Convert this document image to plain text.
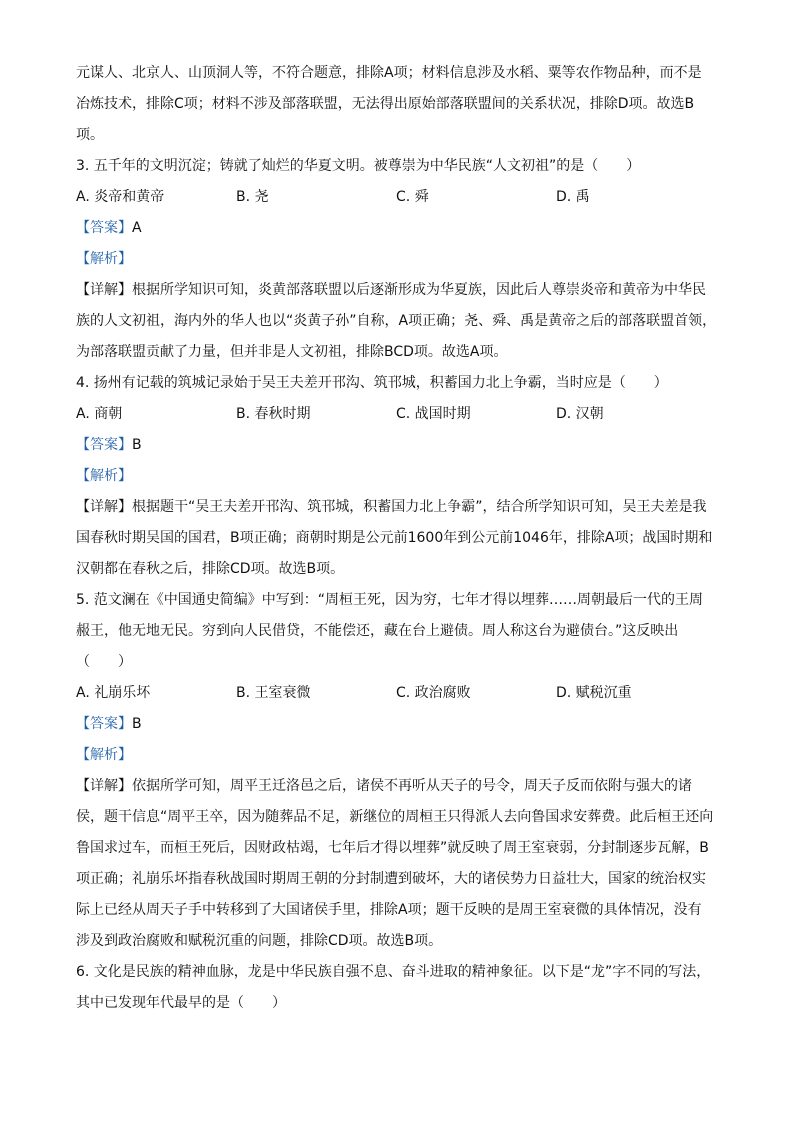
元谋人、北京人、山顶洞人等，不符合题意，排除A项；材料信息涉及水稻、粟等农作物品种，而不是
冶炼技术，排除C项；材料不涉及部落联盟，无法得出原始部落联盟间的关系状况，排除D项。故选B
项。
3. 五千年的文明沉淀；铸就了灿烂的华夏文明。被尊崇为中华民族“人文初祖”的是（　　）
A. 炎帝和黄帝	B. 尧	C. 舜	D. 禹
【答案】A
【解析】
【详解】根据所学知识可知，炎黄部落联盟以后逐渐形成为华夏族，因此后人尊崇炎帝和黄帝为中华民
族的人文初祖，海内外的华人也以“炎黄子孙”自称，A项正确；尧、舜、禹是黄帝之后的部落联盟首领，
为部落联盟贡献了力量，但并非是人文初祖，排除BCD项。故选A项。
4. 扬州有记载的筑城记录始于吴王夫差开邗沟、筑邗城，积蓄国力北上争霸，当时应是（　　）
A. 商朝	B. 春秋时期	C. 战国时期	D. 汉朝
【答案】B
【解析】
【详解】根据题干“吴王夫差开邗沟、筑邗城，积蓄国力北上争霸”，结合所学知识可知，吴王夫差是我
国春秋时期吴国的国君，B项正确；商朝时期是公元前1600年到公元前1046年，排除A项；战国时期和
汉朝都在春秋之后，排除CD项。故选B项。
5. 范文澜在《中国通史简编》中写到：“周桓王死，因为穷，七年才得以埋葬……周朝最后一代的王周
赧王，他无地无民。穷到向人民借贷，不能偿还，藏在台上避债。周人称这台为避债台。”这反映出
（　　）
A. 礼崩乐坏	B. 王室衰微	C. 政治腐败	D. 赋税沉重
【答案】B
【解析】
【详解】依据所学可知，周平王迁洛邑之后，诸侯不再听从天子的号令，周天子反而依附与强大的诸
侯，题干信息“周平王卒，因为随葬品不足，新继位的周桓王只得派人去向鲁国求安葬费。此后桓王还向
鲁国求过车，而桓王死后，因财政枯竭，七年后才得以埋葬”就反映了周王室衰弱，分封制逐步瓦解，B
项正确；礼崩乐坏指春秋战国时期周王朝的分封制遭到破坏，大的诸侯势力日益壮大，国家的统治权实
际上已经从周天子手中转移到了大国诸侯手里，排除A项；题干反映的是周王室衰微的具体情况，没有
涉及到政治腐败和赋税沉重的问题，排除CD项。故选B项。
6. 文化是民族的精神血脉，龙是中华民族自强不息、奋斗进取的精神象征。以下是“龙”字不同的写法，
其中已发现年代最早的是（　　）
